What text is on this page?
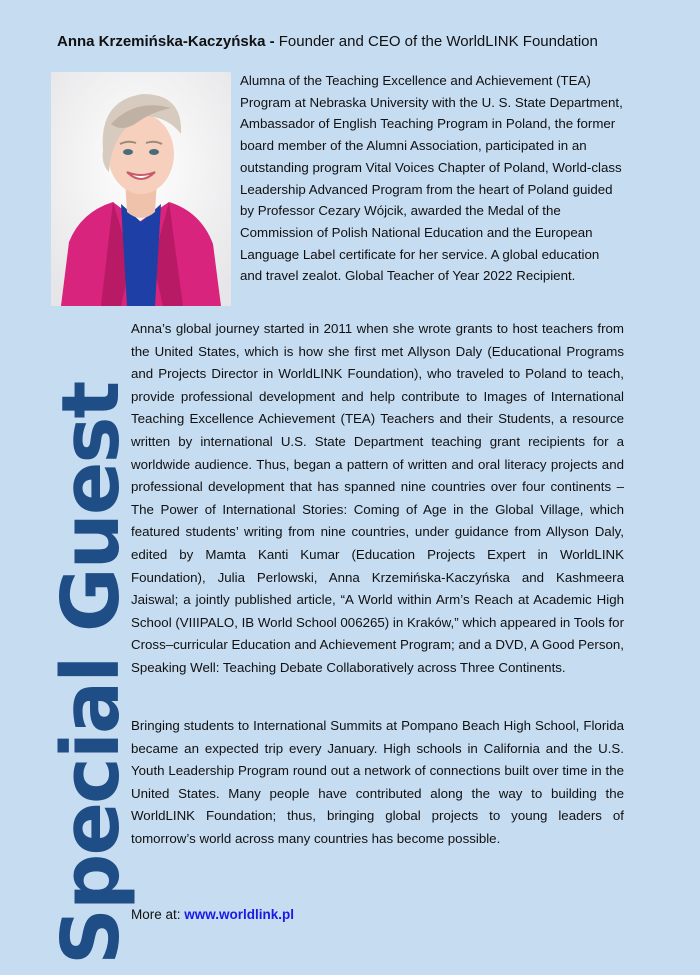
Anna Krzemińska-Kaczyńska - Founder and CEO of the WorldLINK Foundation

Alumna of the Teaching Excellence and Achievement (TEA) Program at Nebraska University with the U. S. State Department, Ambassador of English Teaching Program in Poland, the former board member of the Alumni Association, participated in an outstanding program Vital Voices Chapter of Poland, World-class Leadership Advanced Program from the heart of Poland guided by Professor Cezary Wójcik, awarded the Medal of the Commission of Polish National Education and the European Language Label certificate for her service. A global education and travel zealot. Global Teacher of Year 2022 Recipient.

Special Guest

Anna’s global journey started in 2011 when she wrote grants to host teachers from the United States, which is how she first met Allyson Daly (Educational Programs and Projects Director in WorldLINK Foundation), who traveled to Poland to teach, provide professional development and help contribute to Images of International Teaching Excellence Achievement (TEA) Teachers and their Students, a resource written by international U.S. State Department teaching grant recipients for a worldwide audience. Thus, began a pattern of written and oral literacy projects and professional development that has spanned nine countries over four continents – The Power of International Stories: Coming of Age in the Global Village, which featured students’ writing from nine countries, under guidance from Allyson Daly, edited by Mamta Kanti Kumar (Education Projects Expert in WorldLINK Foundation), Julia Perlowski, Anna Krzemińska-Kaczyńska and Kashmeera Jaiswal; a jointly published article, “A World within Arm’s Reach at Academic High School (VIIIPALO, IB World School 006265) in Kraków,” which appeared in Tools for Cross–curricular Education and Achievement Program; and a DVD, A Good Person, Speaking Well: Teaching Debate Collaboratively across Three Continents.

Bringing students to International Summits at Pompano Beach High School, Florida became an expected trip every January. High schools in California and the U.S. Youth Leadership Program round out a network of connections built over time in the United States. Many people have contributed along the way to building the WorldLINK Foundation; thus, bringing global projects to young leaders of tomorrow’s world across many countries has become possible.

More at: www.worldlink.pl
